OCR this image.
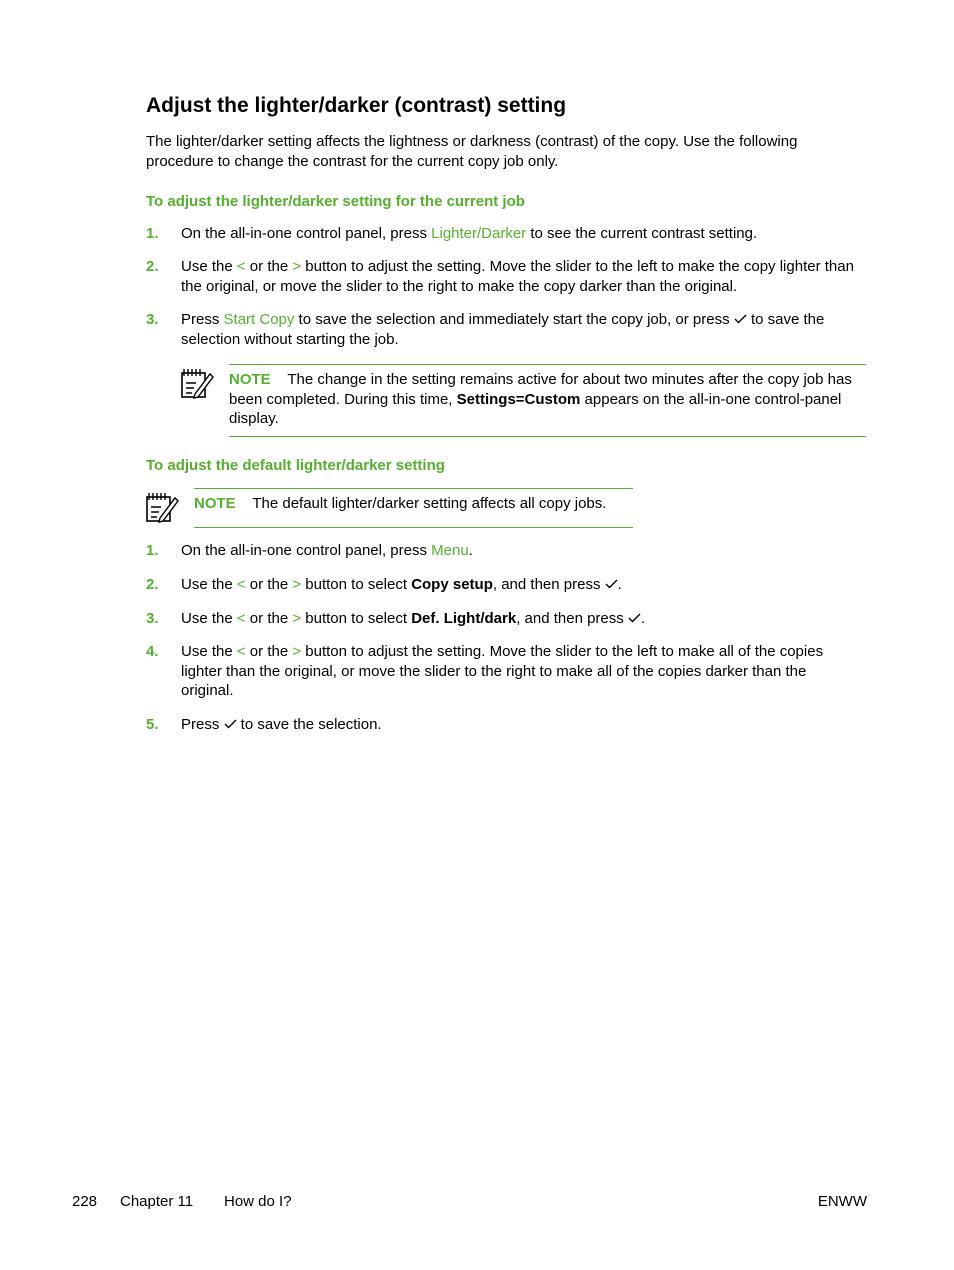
Adjust the lighter/darker (contrast) setting
The lighter/darker setting affects the lightness or darkness (contrast) of the copy. Use the following procedure to change the contrast for the current copy job only.
To adjust the lighter/darker setting for the current job
1. On the all-in-one control panel, press Lighter/Darker to see the current contrast setting.
2. Use the < or the > button to adjust the setting. Move the slider to the left to make the copy lighter than the original, or move the slider to the right to make the copy darker than the original.
3. Press Start Copy to save the selection and immediately start the copy job, or press  to save the selection without starting the job.
NOTE The change in the setting remains active for about two minutes after the copy job has been completed. During this time, Settings=Custom appears on the all-in-one control-panel display.
To adjust the default lighter/darker setting
NOTE The default lighter/darker setting affects all copy jobs.
1. On the all-in-one control panel, press Menu.
2. Use the < or the > button to select Copy setup, and then press .
3. Use the < or the > button to select Def. Light/dark, and then press .
4. Use the < or the > button to adjust the setting. Move the slider to the left to make all of the copies lighter than the original, or move the slider to the right to make all of the copies darker than the original.
5. Press  to save the selection.
228 Chapter 11 How do I?	ENWW
